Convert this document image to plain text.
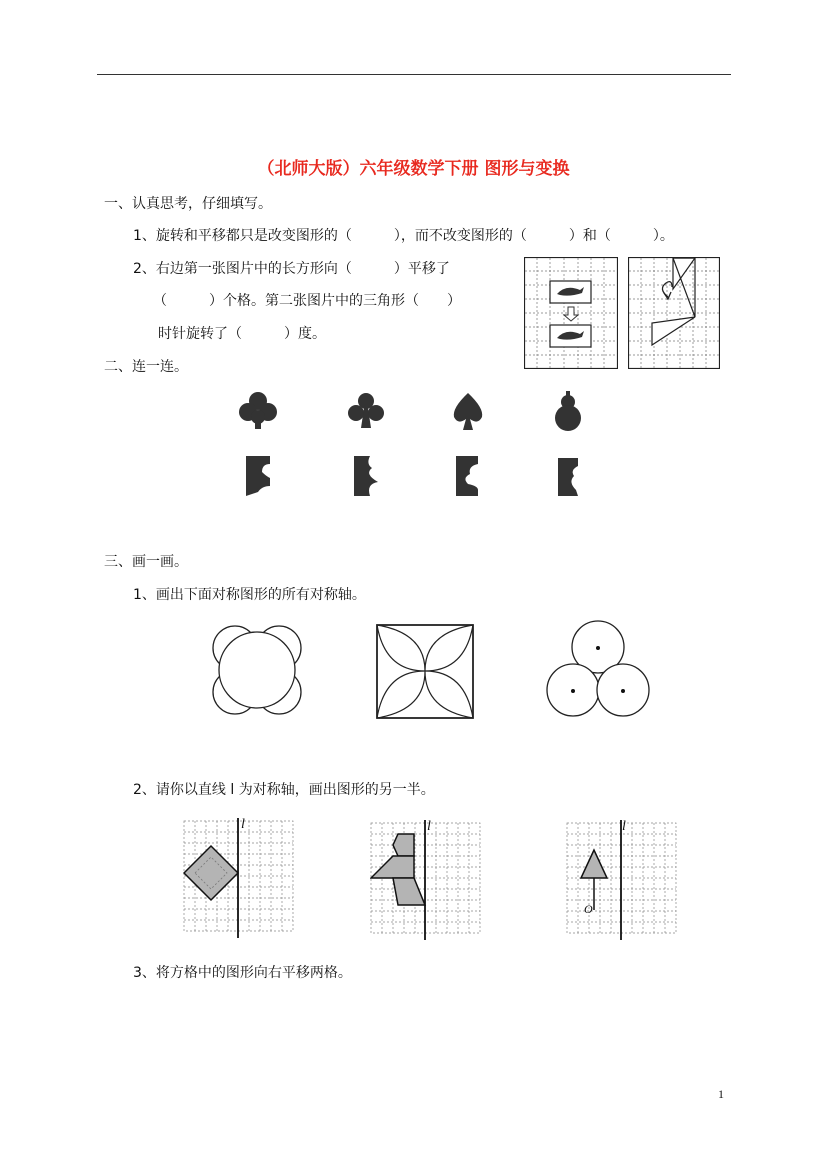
（北师大版）六年级数学下册 图形与变换
一、认真思考，仔细填写。
1、旋转和平移都只是改变图形的（　　　），而不改变图形的（　　　）和（　　　）。
2、右边第一张图片中的长方形向（　　　）平移了
（　　　）个格。第二张图片中的三角形（　　）
时针旋转了（　　　）度。
二、连一连。
三、画一画。
1、画出下面对称图形的所有对称轴。
2、请你以直线 l 为对称轴，画出图形的另一半。
l	l	l
O
3、将方格中的图形向右平移两格。
1
